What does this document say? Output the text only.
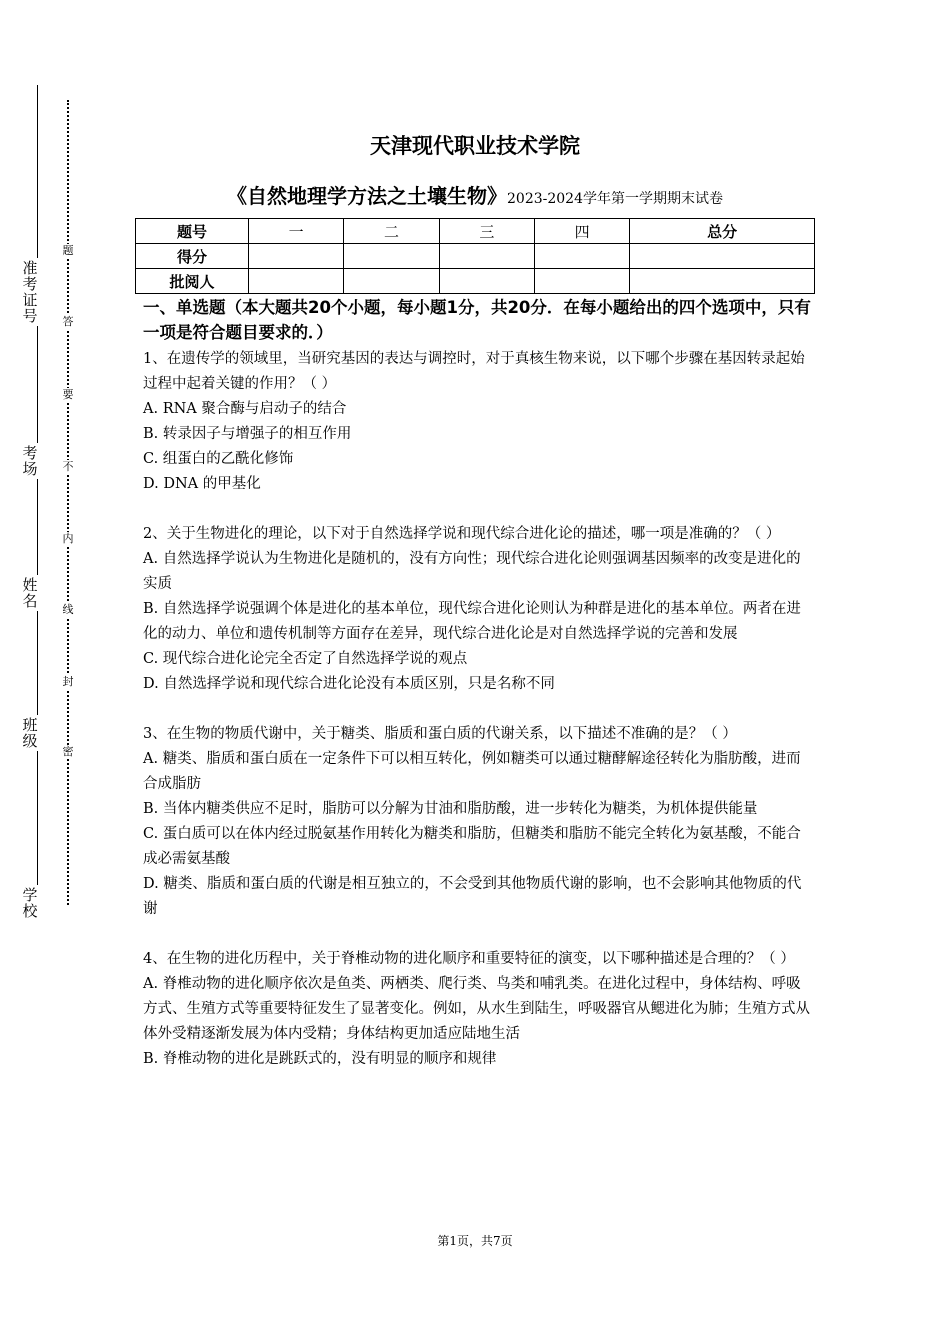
准考证号
考场
姓名
班级
学校
题
答
要
不
内
线
封
密
天津现代职业技术学院
《自然地理学方法之土壤生物》2023-2024学年第一学期期末试卷
题号	一	二	三	四	总分
得分					
批阅人					
一、单选题（本大题共20个小题，每小题1分，共20分．在每小题给出的四个选项中，只有一项是符合题目要求的．）
1、在遗传学的领域里，当研究基因的表达与调控时，对于真核生物来说，以下哪个步骤在基因转录起始过程中起着关键的作用？（ ）
A. RNA 聚合酶与启动子的结合
B. 转录因子与增强子的相互作用
C. 组蛋白的乙酰化修饰
D. DNA 的甲基化
2、关于生物进化的理论，以下对于自然选择学说和现代综合进化论的描述，哪一项是准确的？（ ）
A. 自然选择学说认为生物进化是随机的，没有方向性；现代综合进化论则强调基因频率的改变是进化的实质
B. 自然选择学说强调个体是进化的基本单位，现代综合进化论则认为种群是进化的基本单位。两者在进化的动力、单位和遗传机制等方面存在差异，现代综合进化论是对自然选择学说的完善和发展
C. 现代综合进化论完全否定了自然选择学说的观点
D. 自然选择学说和现代综合进化论没有本质区别，只是名称不同
3、在生物的物质代谢中，关于糖类、脂质和蛋白质的代谢关系，以下描述不准确的是？（ ）
A. 糖类、脂质和蛋白质在一定条件下可以相互转化，例如糖类可以通过糖酵解途径转化为脂肪酸，进而合成脂肪
B. 当体内糖类供应不足时，脂肪可以分解为甘油和脂肪酸，进一步转化为糖类，为机体提供能量
C. 蛋白质可以在体内经过脱氨基作用转化为糖类和脂肪，但糖类和脂肪不能完全转化为氨基酸，不能合成必需氨基酸
D. 糖类、脂质和蛋白质的代谢是相互独立的，不会受到其他物质代谢的影响，也不会影响其他物质的代谢
4、在生物的进化历程中，关于脊椎动物的进化顺序和重要特征的演变，以下哪种描述是合理的？（ ）
A. 脊椎动物的进化顺序依次是鱼类、两栖类、爬行类、鸟类和哺乳类。在进化过程中，身体结构、呼吸方式、生殖方式等重要特征发生了显著变化。例如，从水生到陆生，呼吸器官从鳃进化为肺；生殖方式从体外受精逐渐发展为体内受精；身体结构更加适应陆地生活
B. 脊椎动物的进化是跳跃式的，没有明显的顺序和规律
第1页，共7页
